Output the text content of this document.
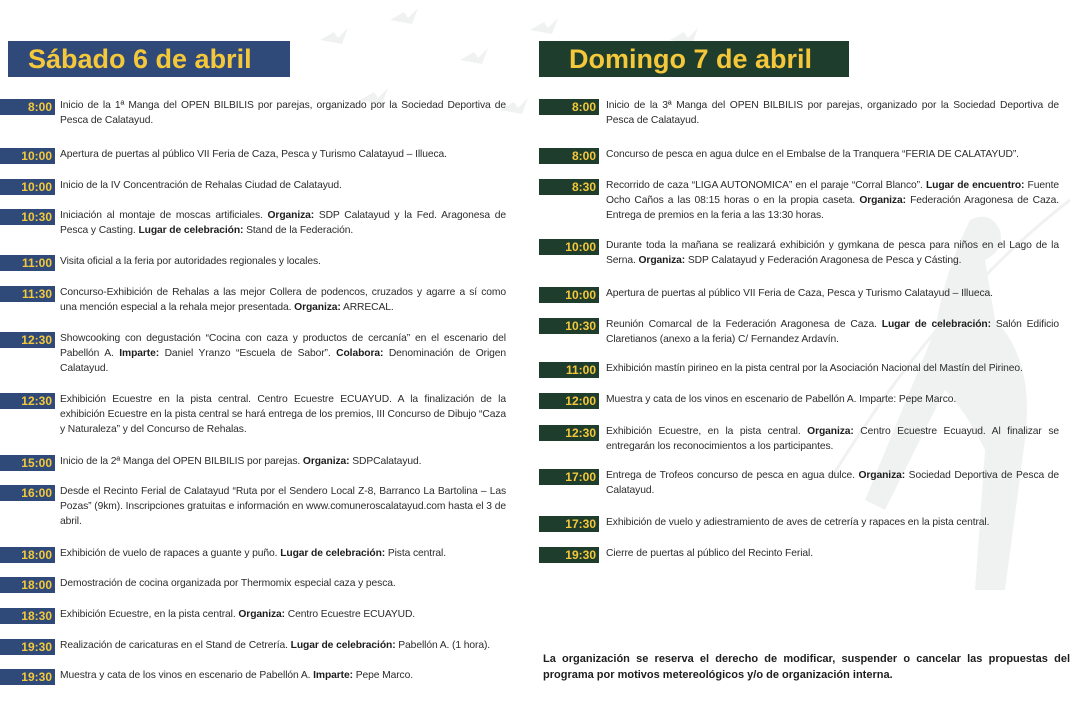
Sábado 6 de abril
8:00 Inicio de la 1ª Manga del OPEN BILBILIS por parejas, organizado por la Sociedad Deportiva de Pesca de Calatayud.
10:00 Apertura de puertas al público VII Feria de Caza, Pesca y Turismo Calatayud – Illueca.
10:00 Inicio de la IV Concentración de Rehalas Ciudad de Calatayud.
10:30 Iniciación al montaje de moscas artificiales. Organiza: SDP Calatayud y la Fed. Aragonesa de Pesca y Casting. Lugar de celebración: Stand de la Federación.
11:00 Visita oficial a la feria por autoridades regionales y locales.
11:30 Concurso-Exhibición de Rehalas a las mejor Collera de podencos, cruzados y agarre a sí como una mención especial a la rehala mejor presentada. Organiza: ARRECAL.
12:30 Showcooking con degustación “Cocina con caza y productos de cercanía” en el escenario del Pabellón A. Imparte: Daniel Yranzo “Escuela de Sabor”. Colabora: Denominación de Origen Calatayud.
12:30 Exhibición Ecuestre en la pista central. Centro Ecuestre ECUAYUD. A la finalización de la exhibición Ecuestre en la pista central se hará entrega de los premios, III Concurso de Dibujo “Caza y Naturaleza” y del Concurso de Rehalas.
15:00 Inicio de la 2ª Manga del OPEN BILBILIS por parejas. Organiza: SDPCalatayud.
16:00 Desde el Recinto Ferial de Calatayud “Ruta por el Sendero Local Z-8, Barranco La Bartolina – Las Pozas” (9km). Inscripciones gratuitas e información en www.comuneroscalatayud.com hasta el 3 de abril.
18:00 Exhibición de vuelo de rapaces a guante y puño. Lugar de celebración: Pista central.
18:00 Demostración de cocina organizada por Thermomix especial caza y pesca.
18:30 Exhibición Ecuestre, en la pista central. Organiza: Centro Ecuestre ECUAYUD.
19:30 Realización de caricaturas en el Stand de Cetrería. Lugar de celebración: Pabellón A. (1 hora).
19:30 Muestra y cata de los vinos en escenario de Pabellón A. Imparte: Pepe Marco.
Domingo 7 de abril
8:00 Inicio de la 3ª Manga del OPEN BILBILIS por parejas, organizado por la Sociedad Deportiva de Pesca de Calatayud.
8:00 Concurso de pesca en agua dulce en el Embalse de la Tranquera “FERIA DE CALATAYUD”.
8:30 Recorrido de caza “LIGA AUTONOMICA” en el paraje “Corral Blanco”. Lugar de encuentro: Fuente Ocho Caños a las 08:15 horas o en la propia caseta. Organiza: Federación Aragonesa de Caza. Entrega de premios en la feria a las 13:30 horas.
10:00 Durante toda la mañana se realizará exhibición y gymkana de pesca para niños en el Lago de la Serna. Organiza: SDP Calatayud y Federación Aragonesa de Pesca y Cásting.
10:00 Apertura de puertas al público VII Feria de Caza, Pesca y Turismo Calatayud – Illueca.
10:30 Reunión Comarcal de la Federación Aragonesa de Caza. Lugar de celebración: Salón Edificio Claretianos (anexo a la feria) C/ Fernandez Ardavín.
11:00 Exhibición mastín pirineo en la pista central por la Asociación Nacional del Mastín del Pirineo.
12:00 Muestra y cata de los vinos en escenario de Pabellón A. Imparte: Pepe Marco.
12:30 Exhibición Ecuestre, en la pista central. Organiza: Centro Ecuestre Ecuayud. Al finalizar se entregarán los reconocimientos a los participantes.
17:00 Entrega de Trofeos concurso de pesca en agua dulce. Organiza: Sociedad Deportiva de Pesca de Calatayud.
17:30 Exhibición de vuelo y adiestramiento de aves de cetrería y rapaces en la pista central.
19:30 Cierre de puertas al público del Recinto Ferial.
La organización se reserva el derecho de modificar, suspender o cancelar las propuestas del programa por motivos metereológicos y/o de organización interna.
